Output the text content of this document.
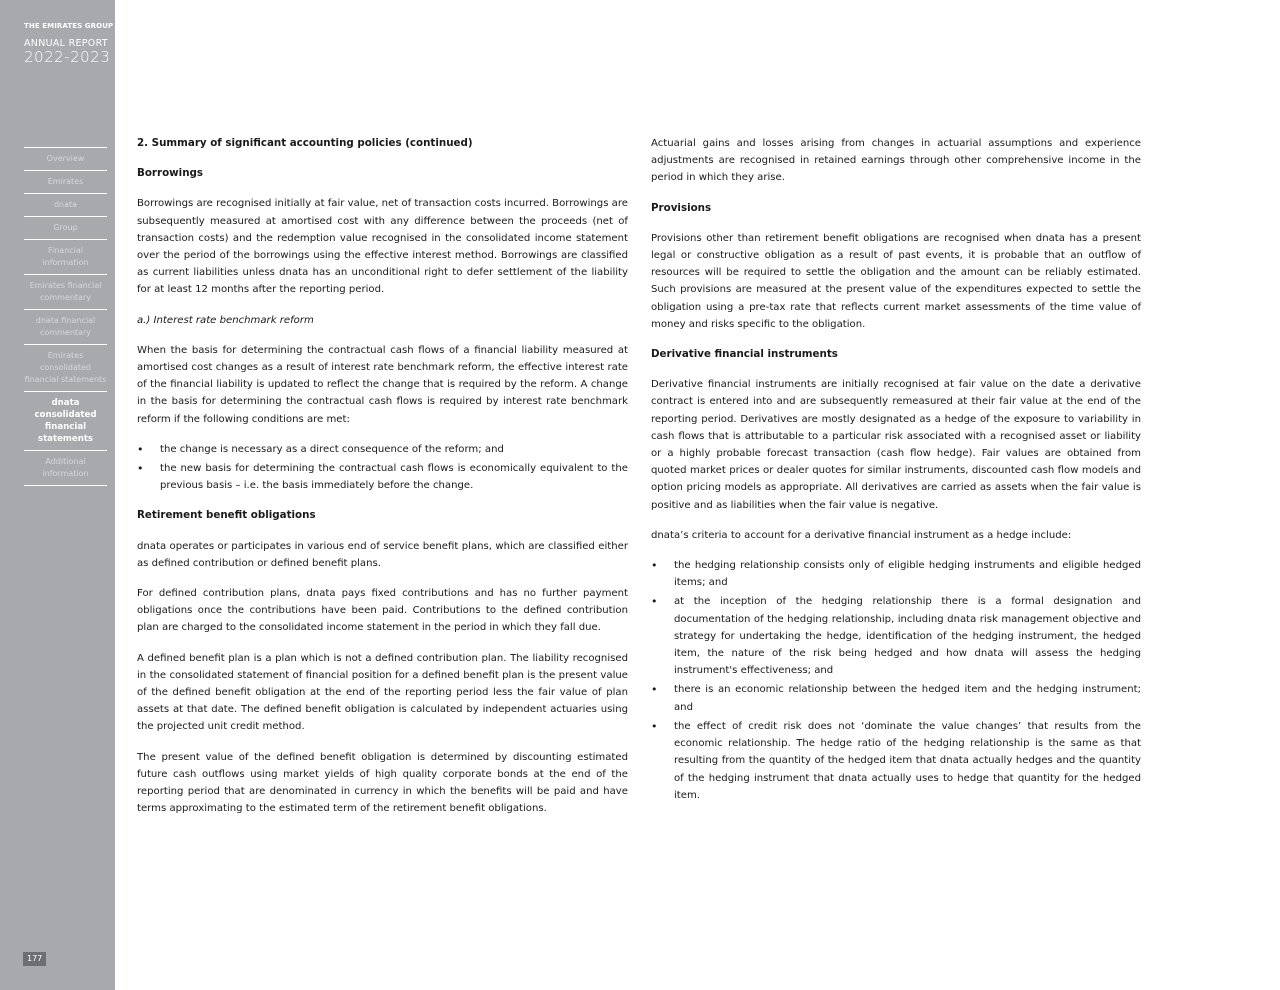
THE EMIRATES GROUP
ANNUAL REPORT
2022-2023
Overview
Emirates
dnata
Group
Financial information
Emirates financial commentary
dnata financial commentary
Emirates consolidated financial statements
dnata consolidated financial statements
Additional information
177
2. Summary of significant accounting policies (continued)
Borrowings

Borrowings are recognised initially at fair value, net of transaction costs incurred. Borrowings are subsequently measured at amortised cost with any difference between the proceeds (net of transaction costs) and the redemption value recognised in the consolidated income statement over the period of the borrowings using the effective interest method. Borrowings are classified as current liabilities unless dnata has an unconditional right to defer settlement of the liability for at least 12 months after the reporting period.

a.) Interest rate benchmark reform

When the basis for determining the contractual cash flows of a financial liability measured at amortised cost changes as a result of interest rate benchmark reform, the effective interest rate of the financial liability is updated to reflect the change that is required by the reform. A change in the basis for determining the contractual cash flows is required by interest rate benchmark reform if the following conditions are met:

• the change is necessary as a direct consequence of the reform; and
• the new basis for determining the contractual cash flows is economically equivalent to the previous basis – i.e. the basis immediately before the change.
Retirement benefit obligations

dnata operates or participates in various end of service benefit plans, which are classified either as defined contribution or defined benefit plans.

For defined contribution plans, dnata pays fixed contributions and has no further payment obligations once the contributions have been paid. Contributions to the defined contribution plan are charged to the consolidated income statement in the period in which they fall due.

A defined benefit plan is a plan which is not a defined contribution plan. The liability recognised in the consolidated statement of financial position for a defined benefit plan is the present value of the defined benefit obligation at the end of the reporting period less the fair value of plan assets at that date. The defined benefit obligation is calculated by independent actuaries using the projected unit credit method.

The present value of the defined benefit obligation is determined by discounting estimated future cash outflows using market yields of high quality corporate bonds at the end of the reporting period that are denominated in currency in which the benefits will be paid and have terms approximating to the estimated term of the retirement benefit obligations.

Actuarial gains and losses arising from changes in actuarial assumptions and experience adjustments are recognised in retained earnings through other comprehensive income in the period in which they arise.

Provisions

Provisions other than retirement benefit obligations are recognised when dnata has a present legal or constructive obligation as a result of past events, it is probable that an outflow of resources will be required to settle the obligation and the amount can be reliably estimated. Such provisions are measured at the present value of the expenditures expected to settle the obligation using a pre-tax rate that reflects current market assessments of the time value of money and risks specific to the obligation.

Derivative financial instruments

Derivative financial instruments are initially recognised at fair value on the date a derivative contract is entered into and are subsequently remeasured at their fair value at the end of the reporting period. Derivatives are mostly designated as a hedge of the exposure to variability in cash flows that is attributable to a particular risk associated with a recognised asset or liability or a highly probable forecast transaction (cash flow hedge). Fair values are obtained from quoted market prices or dealer quotes for similar instruments, discounted cash flow models and option pricing models as appropriate. All derivatives are carried as assets when the fair value is positive and as liabilities when the fair value is negative.

dnata’s criteria to account for a derivative financial instrument as a hedge include:

• the hedging relationship consists only of eligible hedging instruments and eligible hedged items; and
• at the inception of the hedging relationship there is a formal designation and documentation of the hedging relationship, including dnata risk management objective and strategy for undertaking the hedge, identification of the hedging instrument, the hedged item, the nature of the risk being hedged and how dnata will assess the hedging instrument's effectiveness; and
• there is an economic relationship between the hedged item and the hedging instrument; and
• the effect of credit risk does not ‘dominate the value changes’ that results from the economic relationship. The hedge ratio of the hedging relationship is the same as that resulting from the quantity of the hedged item that dnata actually hedges and the quantity of the hedging instrument that dnata actually uses to hedge that quantity for the hedged item.
